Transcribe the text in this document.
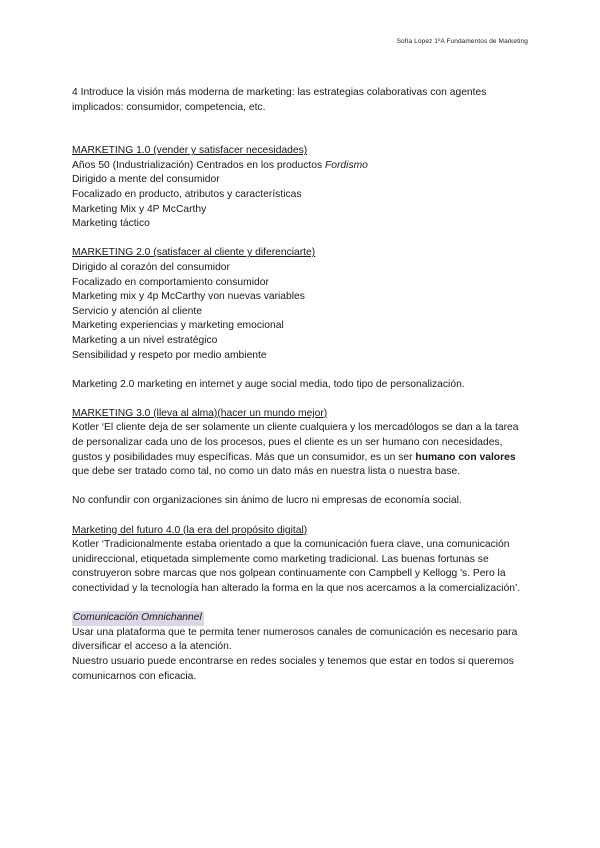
Sofía López 1ºA Fundamentos de Marketing

4 Introduce la visión más moderna de marketing: las estrategias colaborativas con agentes implicados: consumidor, competencia, etc.

MARKETING 1.0 (vender y satisfacer necesidades)

Años 50 (Industrialización) Centrados en los productos Fordismo

Dirigido a mente del consumidor

Focalizado en producto, atributos y características

Marketing Mix y 4P McCarthy

Marketing táctico

MARKETING 2.0 (satisfacer al cliente y diferenciarte)

Dirigido al corazón del consumidor

Focalizado en comportamiento consumidor

Marketing mix y 4p McCarthy von nuevas variables

Servicio y atención al cliente

Marketing experiencias y marketing emocional

Marketing a un nivel estratégico

Sensibilidad y respeto por medio ambiente

Marketing 2.0 marketing en internet y auge social media, todo tipo de personalización.

MARKETING 3.0 (lleva al alma)(hacer un mundo mejor)

Kotler ‘El cliente deja de ser solamente un cliente cualquiera y los mercadólogos se dan a la tarea de personalizar cada uno de los procesos, pues el cliente es un ser humano con necesidades, gustos y posibilidades muy específicas. Más que un consumidor, es un ser humano con valores que debe ser tratado como tal, no como un dato más en nuestra lista o nuestra base.

No confundir con organizaciones sin ánimo de lucro ni empresas de economía social.

Marketing del futuro 4.0 (la era del propósito digital)

Kotler ‘Tradicionalmente estaba orientado a que la comunicación fuera clave, una comunicación unidireccional, etiquetada simplemente como marketing tradicional. Las buenas fortunas se construyeron sobre marcas que nos golpean continuamente con Campbell y Kellogg 's. Pero la conectividad y la tecnología han alterado la forma en la que nos acercamos a la comercialización’.

Comunicación Omnichannel

Usar una plataforma que te permita tener numerosos canales de comunicación es necesario para diversificar el acceso a la atención.

Nuestro usuario puede encontrarse en redes sociales y tenemos que estar en todos si queremos comunicarnos con eficacia.
